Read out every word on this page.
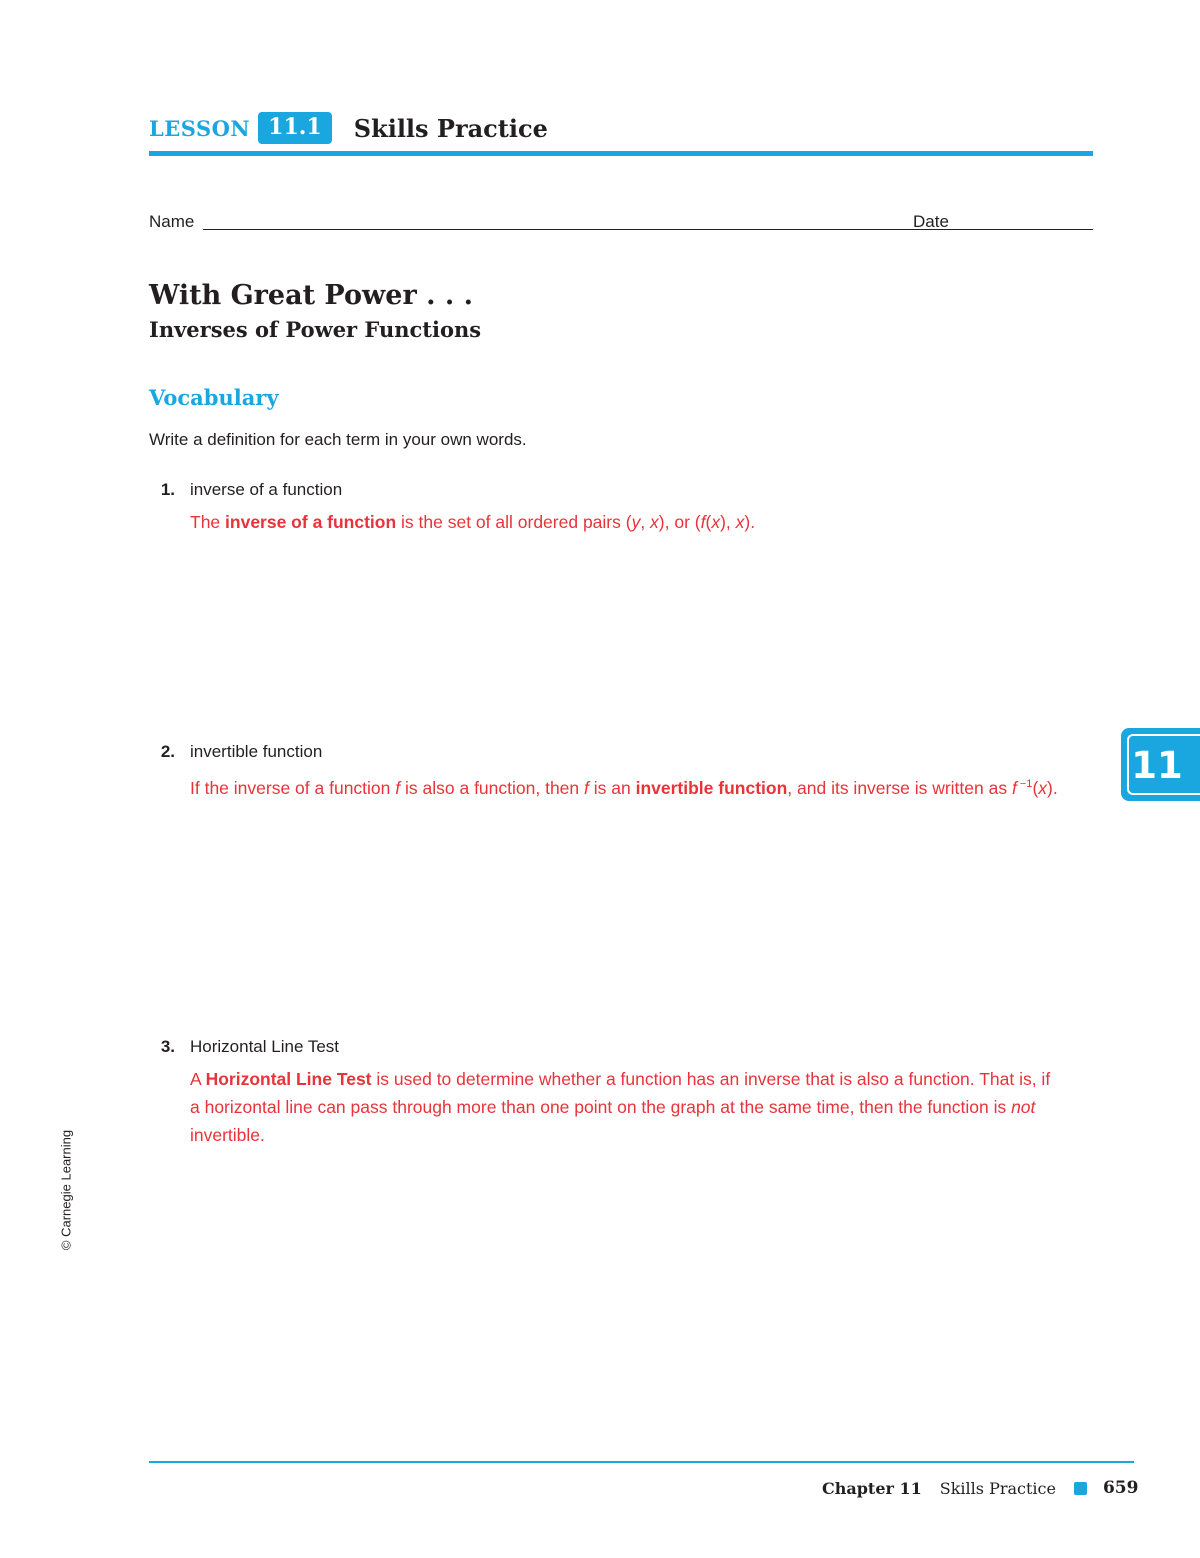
LESSON 11.1	Skills Practice
Name	Date
With Great Power . . .
Inverses of Power Functions
Vocabulary
Write a definition for each term in your own words.
1. inverse of a function
The inverse of a function is the set of all ordered pairs (y, x), or (f(x), x).
2. invertible function
If the inverse of a function f is also a function, then f is an invertible function, and its inverse is written as f $^{-1}$(x).
3. Horizontal Line Test
A Horizontal Line Test is used to determine whether a function has an inverse that is also a function. That is, if a horizontal line can pass through more than one point on the graph at the same time, then the function is not invertible.
11
© Carnegie Learning
Chapter 11 Skills Practice	659
